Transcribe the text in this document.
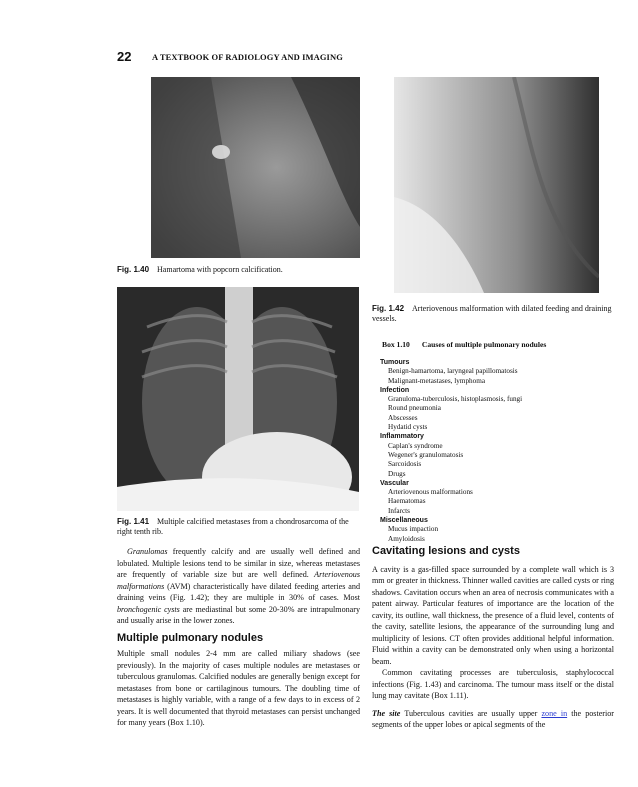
22 A TEXTBOOK OF RADIOLOGY AND IMAGING
Fig. 1.40 Hamartoma with popcorn calcification.
Fig. 1.42 Arteriovenous malformation with dilated feeding and draining vessels.
Fig. 1.41 Multiple calcified metastases from a chondrosarcoma of the right tenth rib.
Box 1.10 Causes of multiple pulmonary nodules
Tumours
Benign-hamartoma, laryngeal papillomatosis
Malignant-metastases, lymphoma
Infection
Granuloma-tuberculosis, histoplasmosis, fungi
Round pneumonia
Abscesses
Hydatid cysts
Inflammatory
Caplan's syndrome
Wegener's granulomatosis
Sarcoidosis
Drugs
Vascular
Arteriovenous malformations
Haematomas
Infarcts
Miscellaneous
Mucus impaction
Amyloidosis

Granulomas frequently calcify and are usually well defined and lobulated. Multiple lesions tend to be similar in size, whereas metastases are frequently of variable size but are well defined. Arteriovenous malformations (AVM) characteristically have dilated feeding arteries and draining veins (Fig. 1.42); they are multiple in 30% of cases. Most bronchogenic cysts are mediastinal but some 20-30% are intrapulmonary and usually arise in the lower zones.

Multiple pulmonary nodules

Multiple small nodules 2-4 mm are called miliary shadows (see previously). In the majority of cases multiple nodules are metastases or tuberculous granulomas. Calcified nodules are generally benign except for metastases from bone or cartilaginous tumours. The doubling time of metastases is highly variable, with a range of a few days to in excess of 2 years. It is well documented that thyroid metastases can persist unchanged for many years (Box 1.10).

Cavitating lesions and cysts

A cavity is a gas-filled space surrounded by a complete wall which is 3 mm or greater in thickness. Thinner walled cavities are called cysts or ring shadows. Cavitation occurs when an area of necrosis communicates with a patent airway. Particular features of importance are the location of the cavity, its outline, wall thickness, the presence of a fluid level, contents of the cavity, satellite lesions, the appearance of the surrounding lung and multiplicity of lesions. CT often provides additional helpful information. Fluid within a cavity can be demonstrated only when using a horizontal beam.

Common cavitating processes are tuberculosis, staphylococcal infections (Fig. 1.43) and carcinoma. The tumour mass itself or the distal lung may cavitate (Box 1.11).

The site Tuberculous cavities are usually upper zone in the posterior segments of the upper lobes or apical segments of the
